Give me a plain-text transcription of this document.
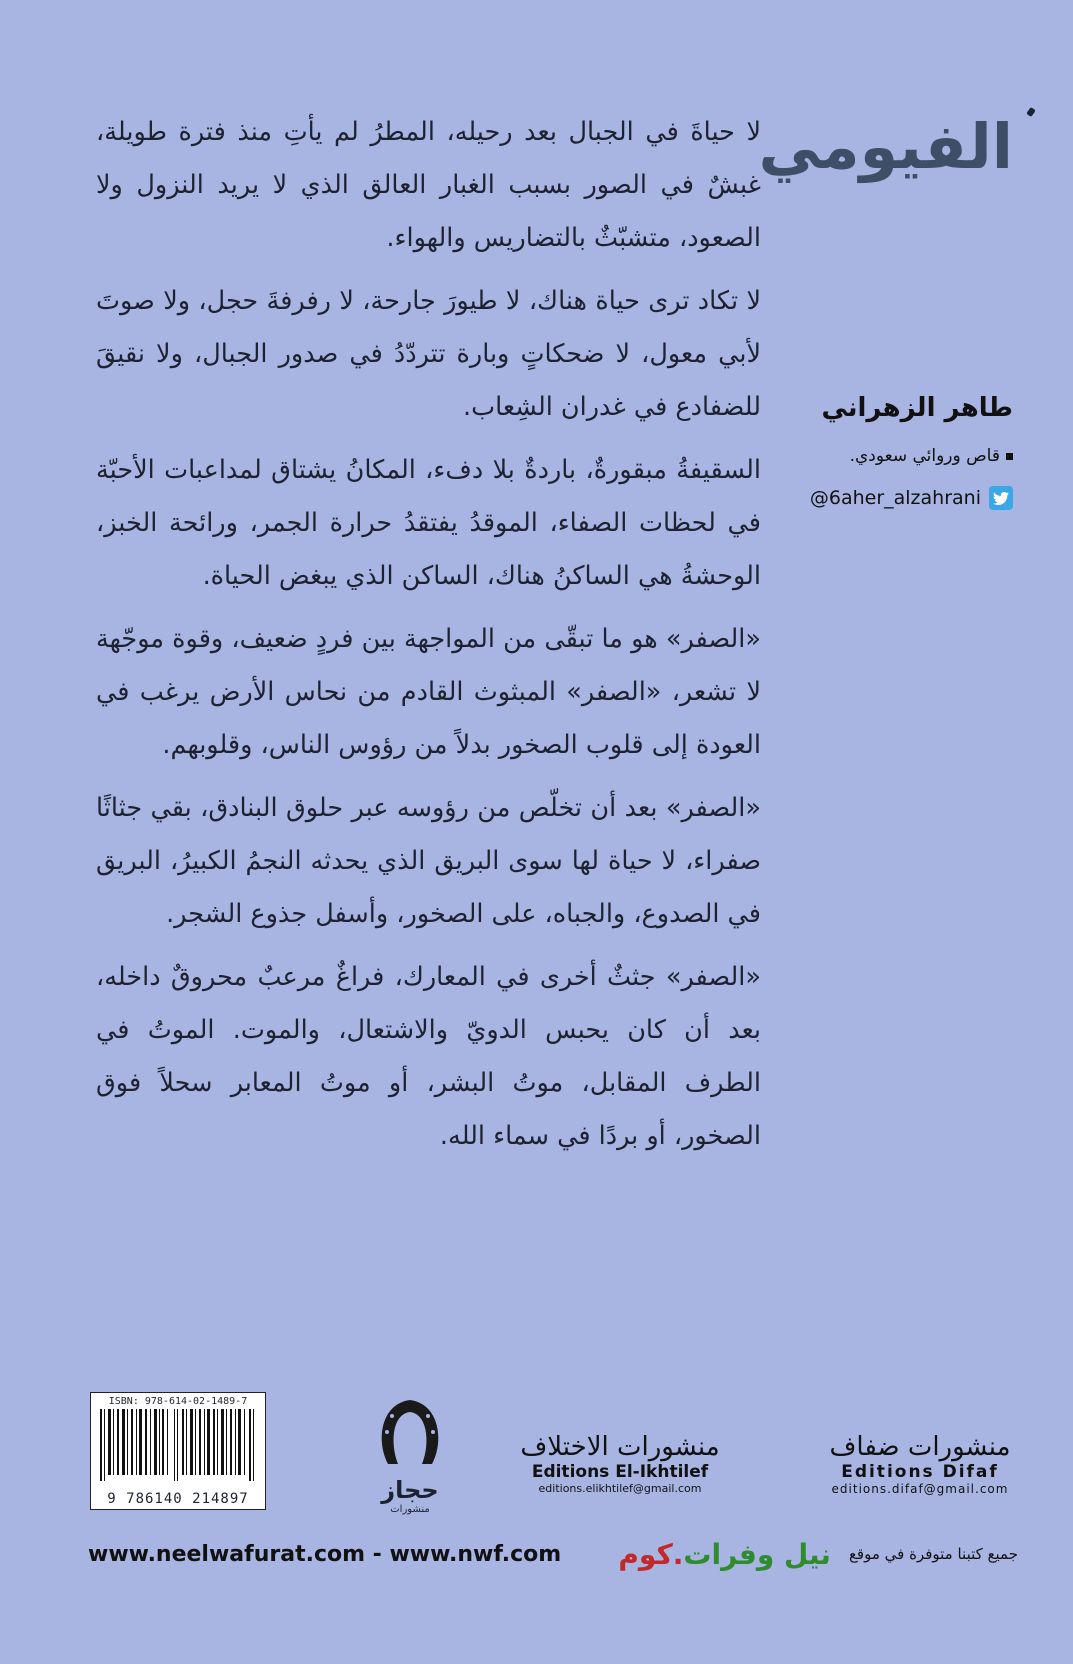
الفيومي

لا حياةَ في الجبال بعد رحيله، المطرُ لم يأتِ منذ فترة طويلة، غبشٌ في الصور بسبب الغبار العالق الذي لا يريد النزول ولا الصعود، متشبّثٌ بالتضاريس والهواء.

لا تكاد ترى حياة هناك، لا طيورَ جارحة، لا رفرفةَ حجل، ولا صوتَ لأبي معول، لا ضحكاتٍ وبارة تتردّدُ في صدور الجبال، ولا نقيقَ للضفادع في غدران الشِعاب.

السقيفةُ مبقورةٌ، باردةٌ بلا دفء، المكانُ يشتاق لمداعبات الأحبّة في لحظات الصفاء، الموقدُ يفتقدُ حرارة الجمر، ورائحة الخبز، الوحشةُ هي الساكنُ هناك، الساكن الذي يبغض الحياة.

«الصفر» هو ما تبقّى من المواجهة بين فردٍ ضعيف، وقوة موجّهة لا تشعر، «الصفر» المبثوث القادم من نحاس الأرض يرغب في العودة إلى قلوب الصخور بدلاً من رؤوس الناس، وقلوبهم.

«الصفر» بعد أن تخلّص من رؤوسه عبر حلوق البنادق، بقي جثاثًا صفراء، لا حياة لها سوى البريق الذي يحدثه النجمُ الكبيرُ، البريق في الصدوع، والجباه، على الصخور، وأسفل جذوع الشجر.

«الصفر» جثثٌ أخرى في المعارك، فراغٌ مرعبٌ محروقٌ داخله، بعد أن كان يحبس الدويّ والاشتعال، والموت. الموتُ في الطرف المقابل، موتُ البشر، أو موتُ المعابر سحلاً فوق الصخور، أو بردًا في سماء الله.

طاهر الزهراني
قاص وروائي سعودي.
@6aher_alzahrani
ISBN: 978-614-02-1489-7
9 786140 214897	حجاز
منشورات
منشورات الاختلاف
Editions El-Ikhtilef
editions.elikhtilef@gmail.com
منشورات ضفاف
Editions Difaf
editions.difaf@gmail.com
www.neelwafurat.com - www.nwf.com	جميع كتبنا متوفرة في موقع
نيل وفرات.كوم
